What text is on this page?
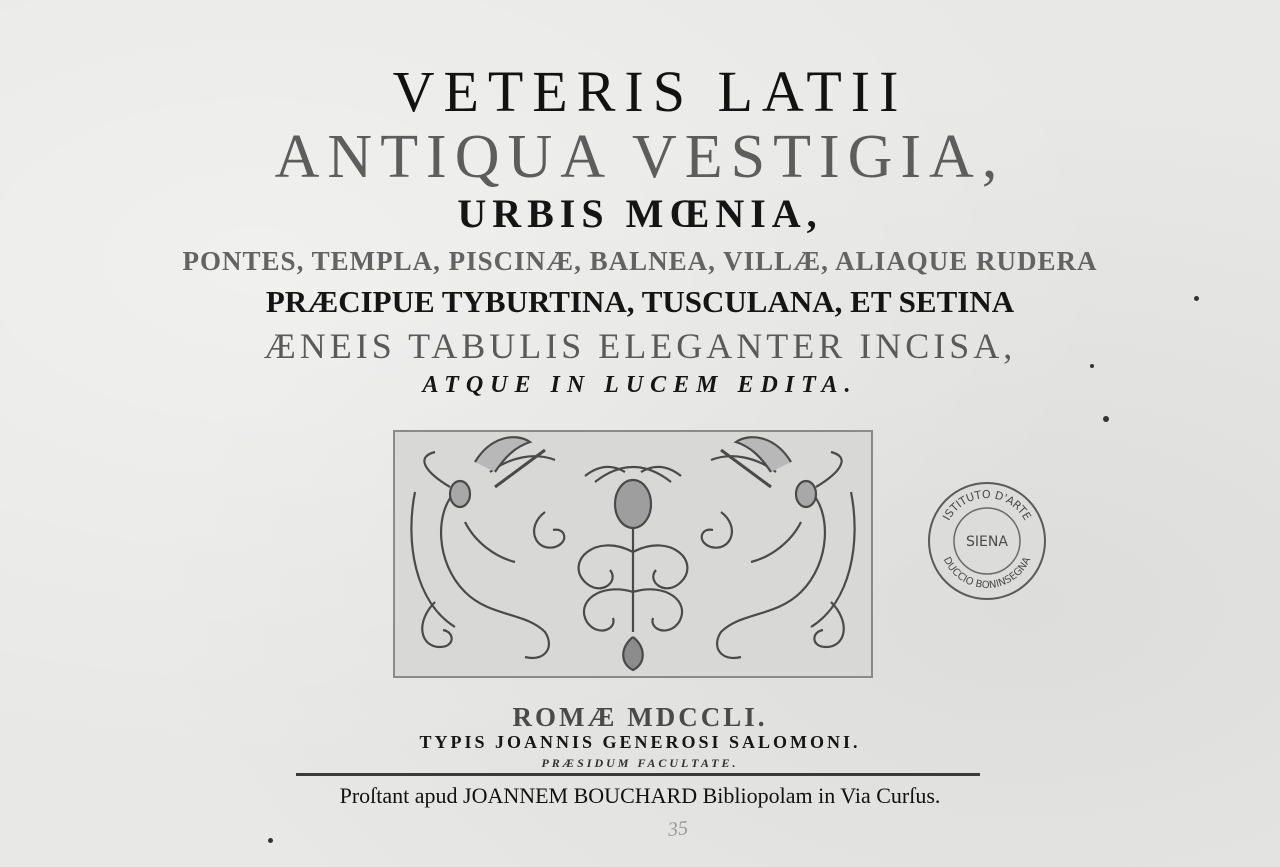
VETERIS LATII
ANTIQUA VESTIGIA,
URBIS MŒNIA,
PONTES, TEMPLA, PISCINÆ, BALNEA, VILLÆ, ALIAQUE RUDERA
PRÆCIPUE TYBURTINA, TUSCULANA, ET SETINA
ÆNEIS TABULIS ELEGANTER INCISA,
ATQUE IN LUCEM EDITA.
ISTITUTO D'ARTE
DUCCIO BONINSEGNA
SIENA
ROMÆ MDCCLI.
TYPIS JOANNIS GENEROSI SALOMONI.
PRÆSIDUM FACULTATE.
Proſtant apud JOANNEM BOUCHARD Bibliopolam in Via Curſus.
35
